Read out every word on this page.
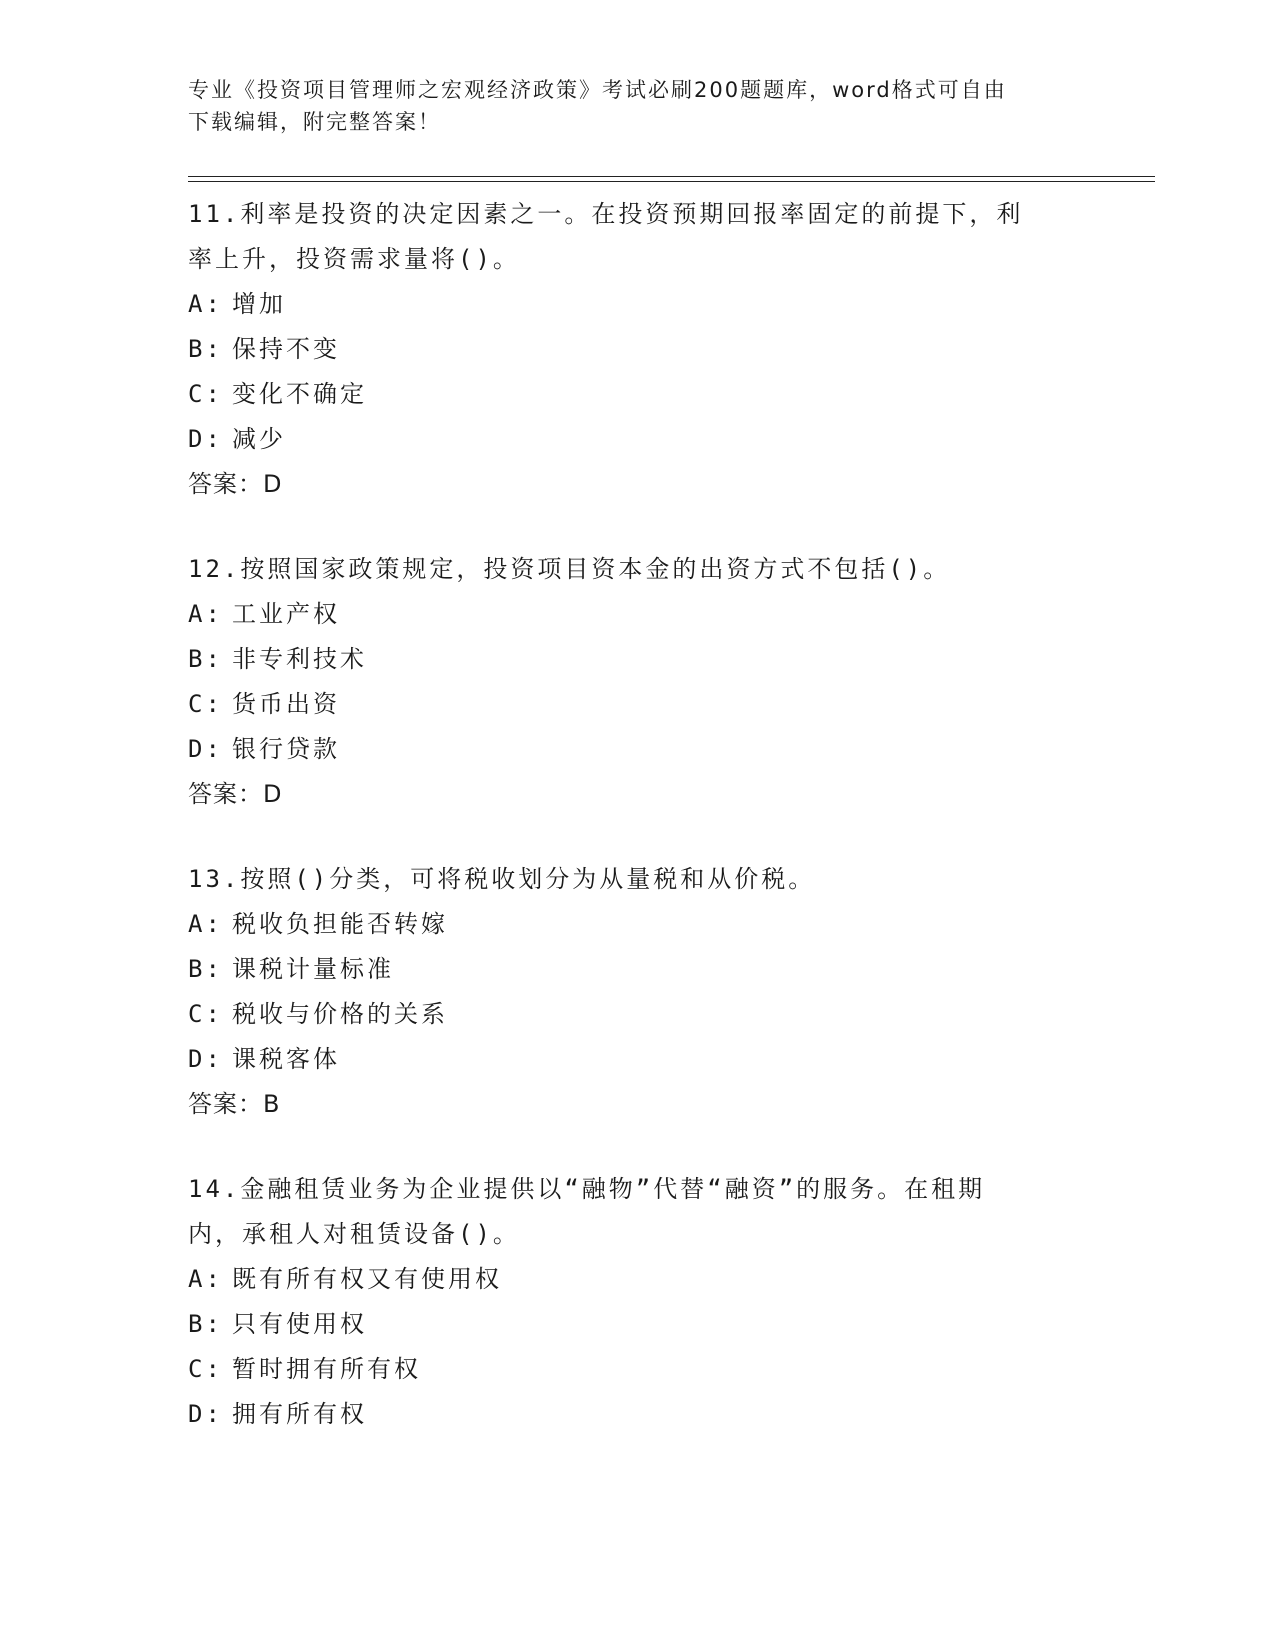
专业《投资项目管理师之宏观经济政策》考试必刷200题题库，word格式可自由
下载编辑，附完整答案！
11.利率是投资的决定因素之一。在投资预期回报率固定的前提下，利
率上升，投资需求量将()。
A: 增加
B: 保持不变
C: 变化不确定
D: 减少
答案：D
12.按照国家政策规定，投资项目资本金的出资方式不包括()。
A: 工业产权
B: 非专利技术
C: 货币出资
D: 银行贷款
答案：D
13.按照()分类，可将税收划分为从量税和从价税。
A: 税收负担能否转嫁
B: 课税计量标准
C: 税收与价格的关系
D: 课税客体
答案：B
14.金融租赁业务为企业提供以“融物”代替“融资”的服务。在租期
内，承租人对租赁设备()。
A: 既有所有权又有使用权
B: 只有使用权
C: 暂时拥有所有权
D: 拥有所有权
